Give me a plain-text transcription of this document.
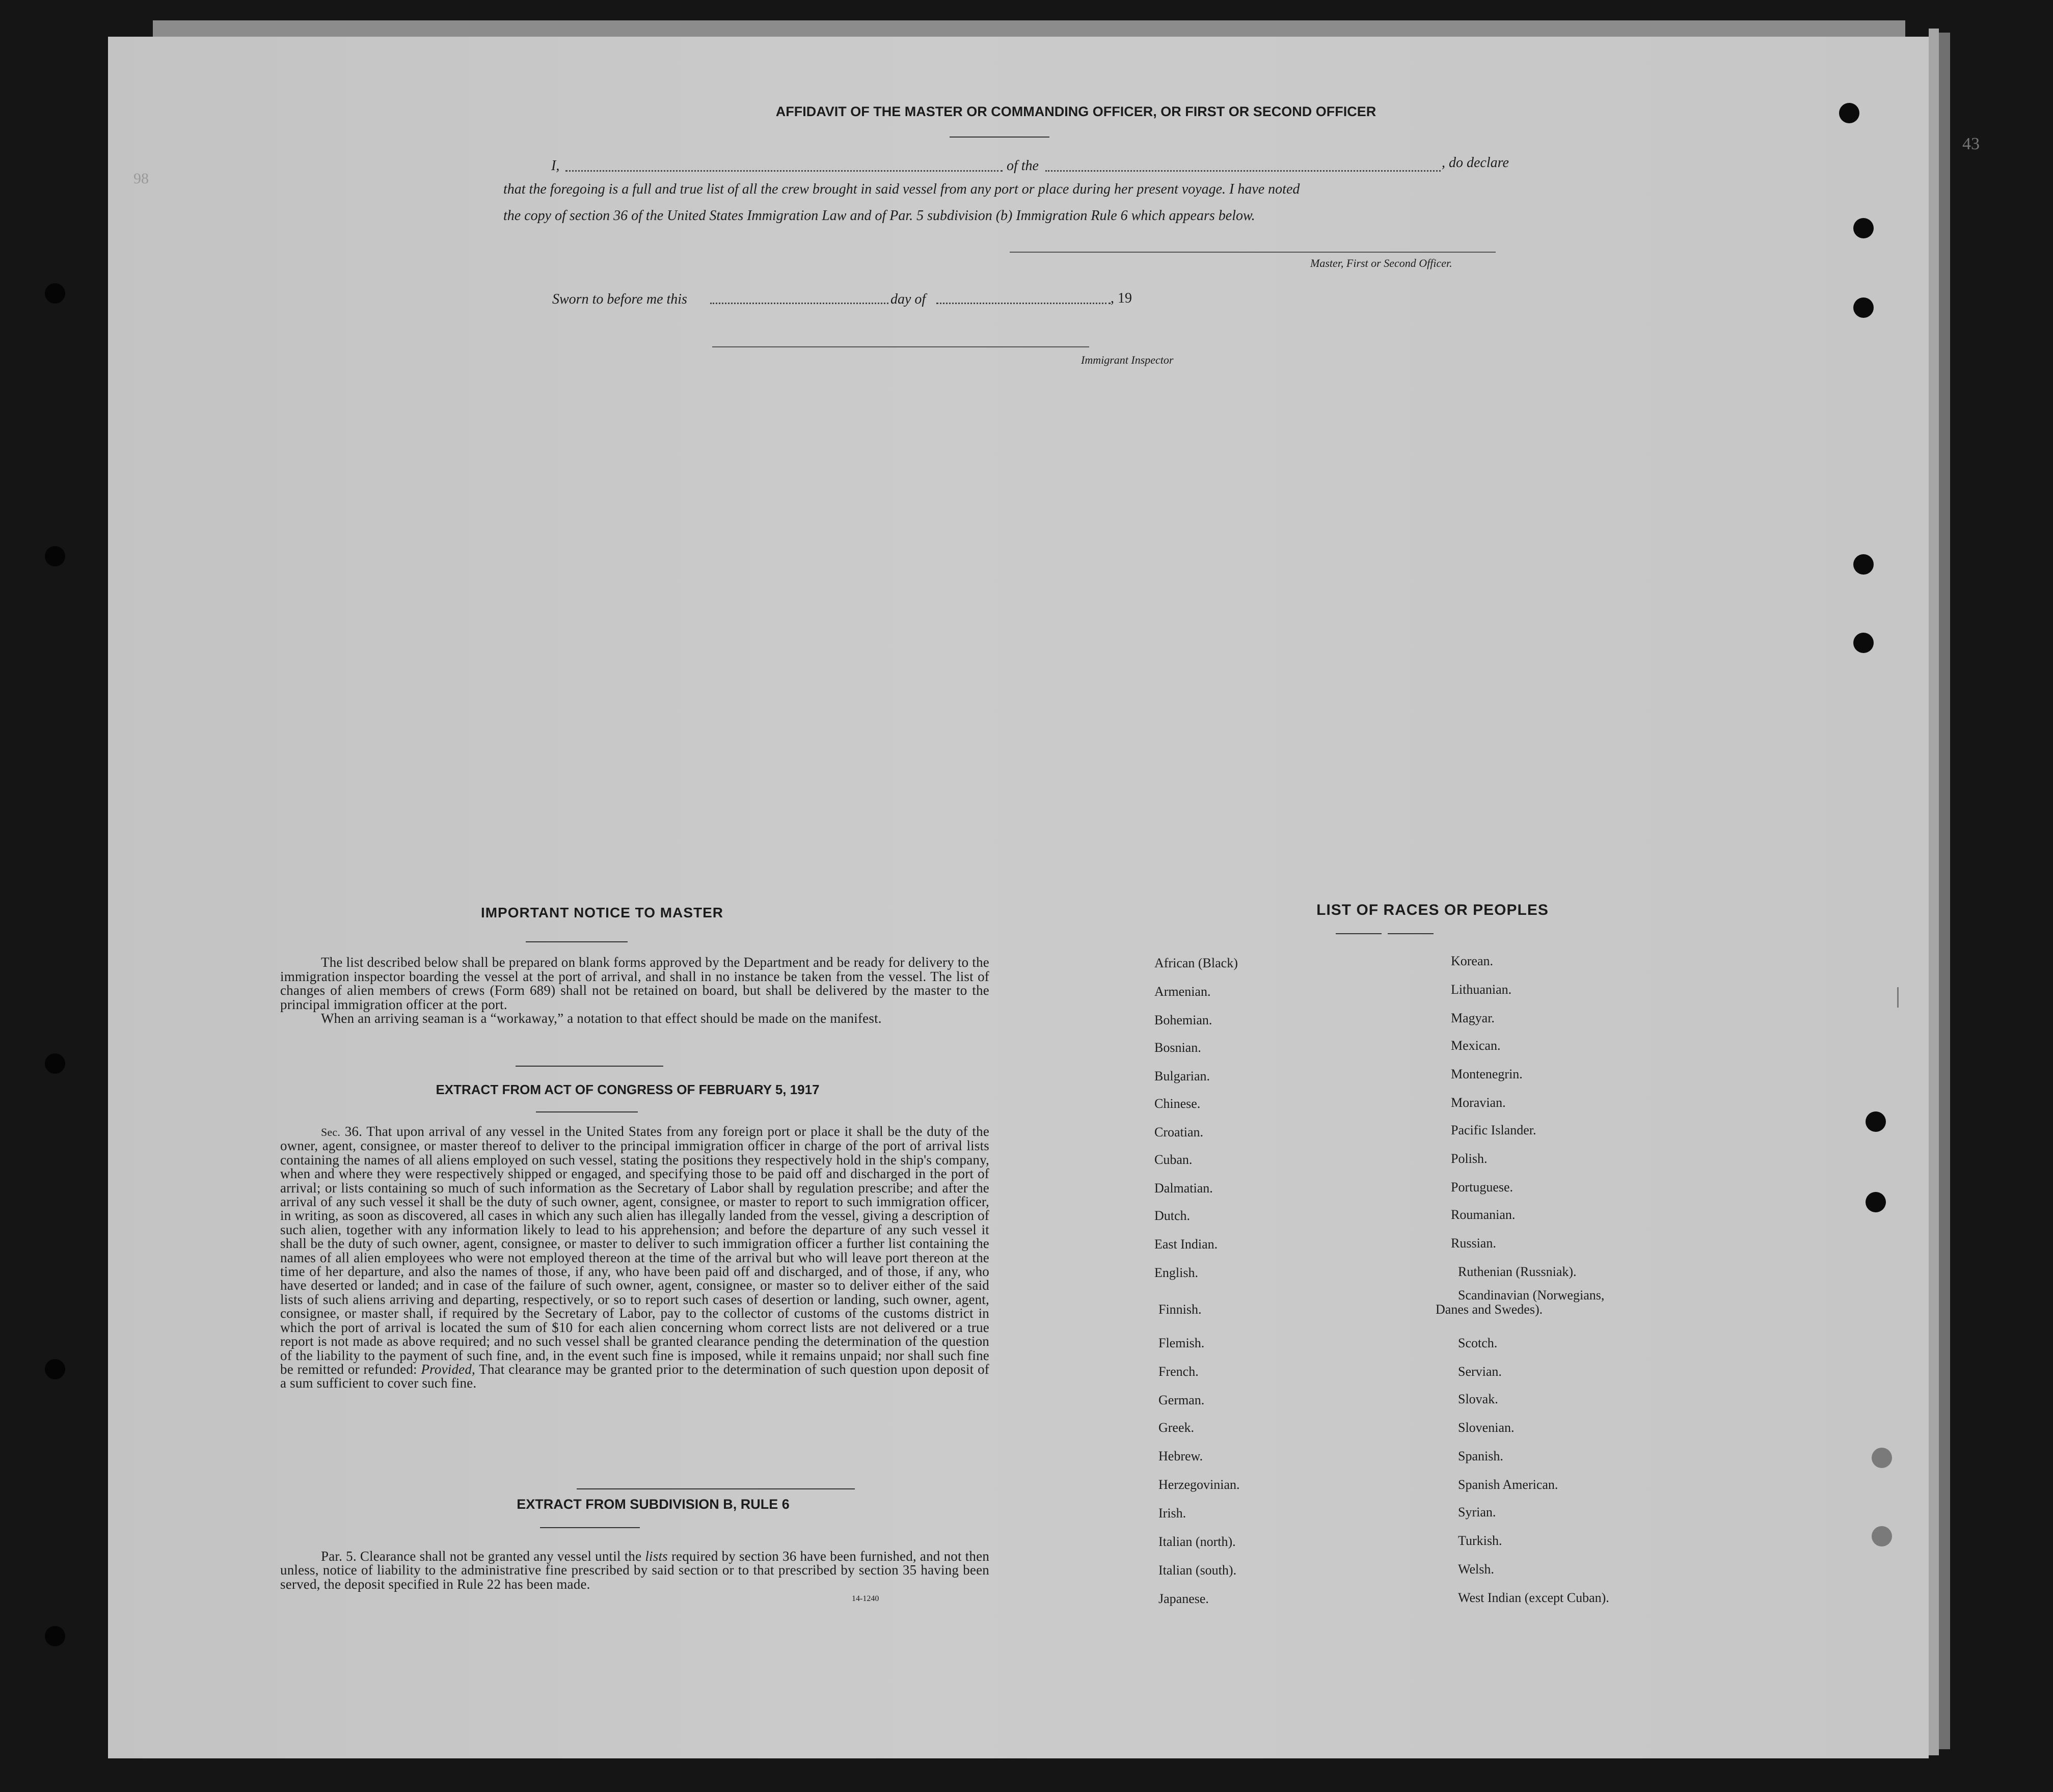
98
43
AFFIDAVIT OF THE MASTER OR COMMANDING OFFICER, OR FIRST OR SECOND OFFICER
I,	of the	, do declare
that the foregoing is a full and true list of all the crew brought in said vessel from any port or place during her present voyage. I have noted
the copy of section 36 of the United States Immigration Law and of Par. 5 subdivision (b) Immigration Rule 6 which appears below.
Master, First or Second Officer.
Sworn to before me this	day of	, 19
Immigrant Inspector
IMPORTANT NOTICE TO MASTER

The list described below shall be prepared on blank forms approved by the Department and be ready for delivery to the immigration inspector boarding the vessel at the port of arrival, and shall in no instance be taken from the vessel. The list of changes of alien members of crews (Form 689) shall not be retained on board, but shall be delivered by the master to the principal immigration officer at the port.

When an arriving seaman is a “workaway,” a notation to that effect should be made on the manifest.

EXTRACT FROM ACT OF CONGRESS OF FEBRUARY 5, 1917

Sec. 36. That upon arrival of any vessel in the United States from any foreign port or place it shall be the duty of the owner, agent, consignee, or master thereof to deliver to the principal immigration officer in charge of the port of arrival lists containing the names of all aliens employed on such vessel, stating the positions they respectively hold in the ship's company, when and where they were respectively shipped or engaged, and specifying those to be paid off and discharged in the port of arrival; or lists containing so much of such information as the Secretary of Labor shall by regulation prescribe; and after the arrival of any such vessel it shall be the duty of such owner, agent, consignee, or master to report to such immigration officer, in writing, as soon as discovered, all cases in which any such alien has illegally landed from the vessel, giving a description of such alien, together with any information likely to lead to his apprehension; and before the departure of any such vessel it shall be the duty of such owner, agent, consignee, or master to deliver to such immigration officer a further list containing the names of all alien employees who were not employed thereon at the time of the arrival but who will leave port thereon at the time of her departure, and also the names of those, if any, who have been paid off and discharged, and of those, if any, who have deserted or landed; and in case of the failure of such owner, agent, consignee, or master so to deliver either of the said lists of such aliens arriving and departing, respectively, or so to report such cases of desertion or landing, such owner, agent, consignee, or master shall, if required by the Secretary of Labor, pay to the collector of customs of the customs district in which the port of arrival is located the sum of $10 for each alien concerning whom correct lists are not delivered or a true report is not made as above required; and no such vessel shall be granted clearance pending the determination of the question of the liability to the payment of such fine, and, in the event such fine is imposed, while it remains unpaid; nor shall such fine be remitted or refunded: Provided, That clearance may be granted prior to the determination of such question upon deposit of a sum sufficient to cover such fine.

EXTRACT FROM SUBDIVISION B, RULE 6

Par. 5. Clearance shall not be granted any vessel until the lists required by section 36 have been furnished, and not then unless, notice of liability to the administrative fine prescribed by said section or to that prescribed by section 35 having been served, the deposit specified in Rule 22 has been made.

14-1240
LIST OF RACES OR PEOPLES
African (Black)
Armenian.
Bohemian.
Bosnian.
Bulgarian.
Chinese.
Croatian.
Cuban.
Dalmatian.
Dutch.
East Indian.
English.
Finnish.
Flemish.
French.
German.
Greek.
Hebrew.
Herzegovinian.
Irish.
Italian (north).
Italian (south).
Japanese.
Korean.
Lithuanian.
Magyar.
Mexican.
Montenegrin.
Moravian.
Pacific Islander.
Polish.
Portuguese.
Roumanian.
Russian.
Ruthenian (Russniak).
Scandinavian (Norwegians,
Scotch.
Servian.
Slovak.
Slovenian.
Spanish.
Spanish American.
Syrian.
Turkish.
Welsh.
West Indian (except Cuban).
Danes and Swedes).
